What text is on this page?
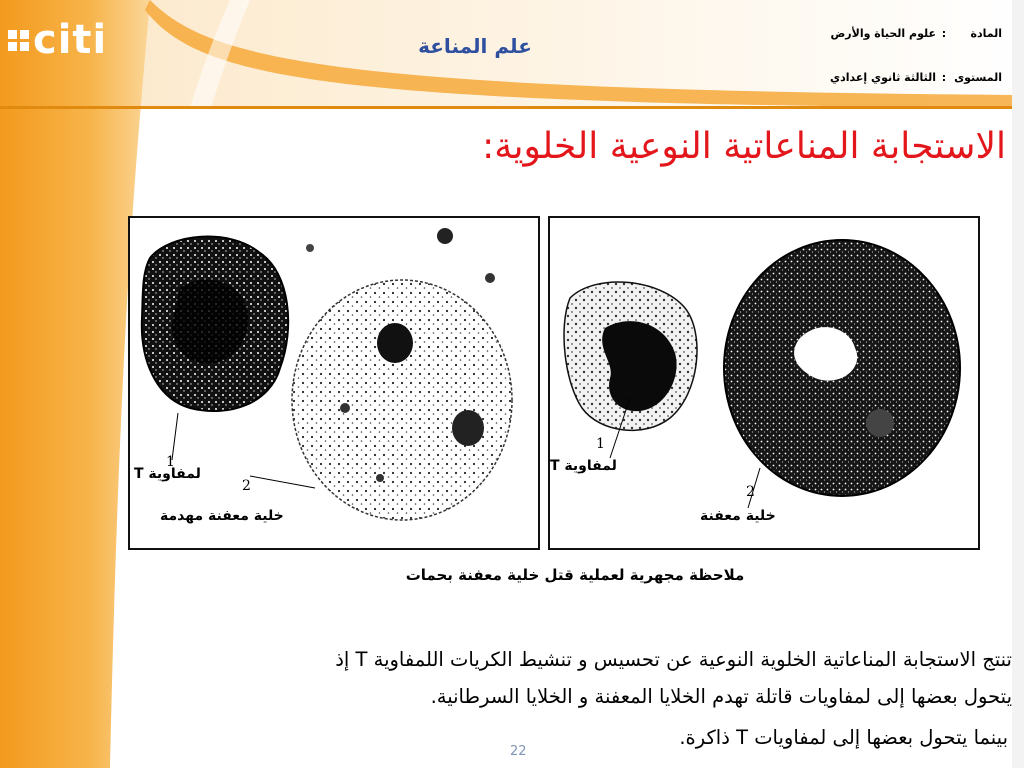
citi	علم المناعة
المادة
:
علوم الحياة والأرض
المستوى
:
الثالثة ثانوي إعدادي
الاستجابة المناعاتية النوعية الخلوية:
1
2
لمفاوية T
خلية معفنة مهدمة
1
2
لمفاوية T
خلية معفنة
ملاحظة مجهرية لعملية قتل خلية معفنة بحمات
تنتج الاستجابة المناعاتية الخلوية النوعية عن تحسيس و تنشيط الكريات اللمفاوية T إذ
يتحول بعضها إلى لمفاويات قاتلة تهدم الخلايا المعفنة و الخلايا السرطانية.
بينما يتحول بعضها إلى لمفاويات T ذاكرة.
22
